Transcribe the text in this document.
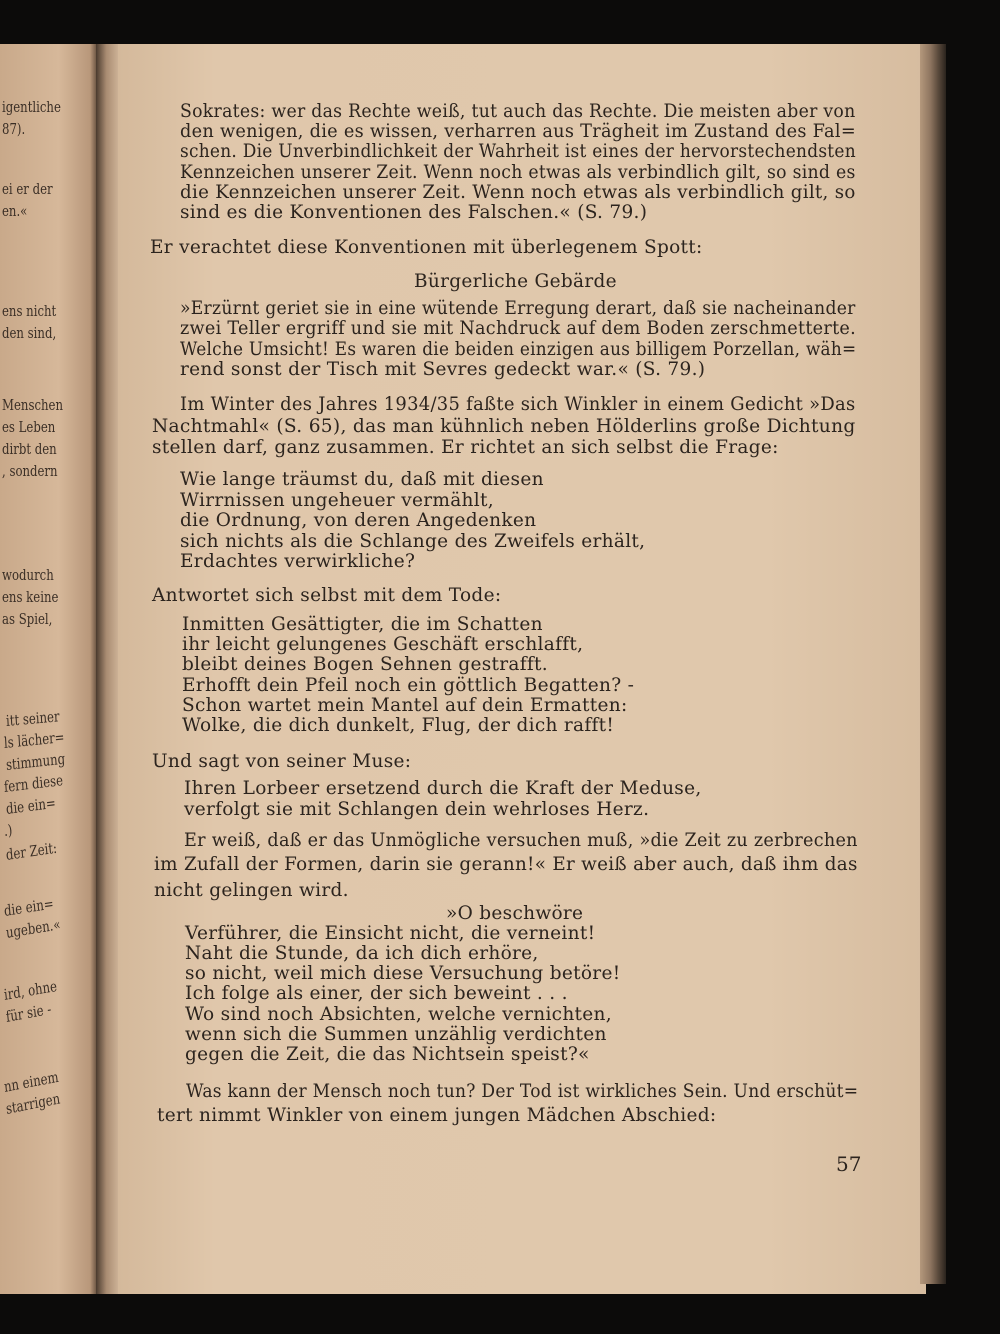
igentliche
87).
ei er der
en.«
ens nicht
den sind,
Menschen
es Leben
dirbt den
, sondern
wodurch
ens keine
as Spiel,
itt seiner
ls lächer=
stimmung
fern diese
die ein=
.)
der Zeit:
die ein=
ugeben.«
ird, ohne
für sie -
nn einem
starrigen
Sokrates: wer das Rechte weiß, tut auch das Rechte. Die meisten aber von
den wenigen, die es wissen, verharren aus Trägheit im Zustand des Fal=
schen. Die Unverbindlichkeit der Wahrheit ist eines der hervorstechendsten
Kennzeichen unserer Zeit. Wenn noch etwas als verbindlich gilt, so sind es
die Kennzeichen unserer Zeit. Wenn noch etwas als verbindlich gilt, so
sind es die Konventionen des Falschen.« (S. 79.)
Er verachtet diese Konventionen mit überlegenem Spott:
Bürgerliche Gebärde
»Erzürnt geriet sie in eine wütende Erregung derart, daß sie nacheinander
zwei Teller ergriff und sie mit Nachdruck auf dem Boden zerschmetterte.
Welche Umsicht! Es waren die beiden einzigen aus billigem Porzellan, wäh=
rend sonst der Tisch mit Sevres gedeckt war.« (S. 79.)
Im Winter des Jahres 1934/35 faßte sich Winkler in einem Gedicht »Das
Nachtmahl« (S. 65), das man kühnlich neben Hölderlins große Dichtung
stellen darf, ganz zusammen. Er richtet an sich selbst die Frage:
Wie lange träumst du, daß mit diesen
Wirrnissen ungeheuer vermählt,
die Ordnung, von deren Angedenken
sich nichts als die Schlange des Zweifels erhält,
Erdachtes verwirkliche?
Antwortet sich selbst mit dem Tode:
Inmitten Gesättigter, die im Schatten
ihr leicht gelungenes Geschäft erschlafft,
bleibt deines Bogen Sehnen gestrafft.
Erhofft dein Pfeil noch ein göttlich Begatten? -
Schon wartet mein Mantel auf dein Ermatten:
Wolke, die dich dunkelt, Flug, der dich rafft!
Und sagt von seiner Muse:
Ihren Lorbeer ersetzend durch die Kraft der Meduse,
verfolgt sie mit Schlangen dein wehrloses Herz.
Er weiß, daß er das Unmögliche versuchen muß, »die Zeit zu zerbrechen
im Zufall der Formen, darin sie gerann!« Er weiß aber auch, daß ihm das
nicht gelingen wird.
»O beschwöre
Verführer, die Einsicht nicht, die verneint!
Naht die Stunde, da ich dich erhöre,
so nicht, weil mich diese Versuchung betöre!
Ich folge als einer, der sich beweint . . .
Wo sind noch Absichten, welche vernichten,
wenn sich die Summen unzählig verdichten
gegen die Zeit, die das Nichtsein speist?«
Was kann der Mensch noch tun? Der Tod ist wirkliches Sein. Und erschüt=
tert nimmt Winkler von einem jungen Mädchen Abschied:
57
